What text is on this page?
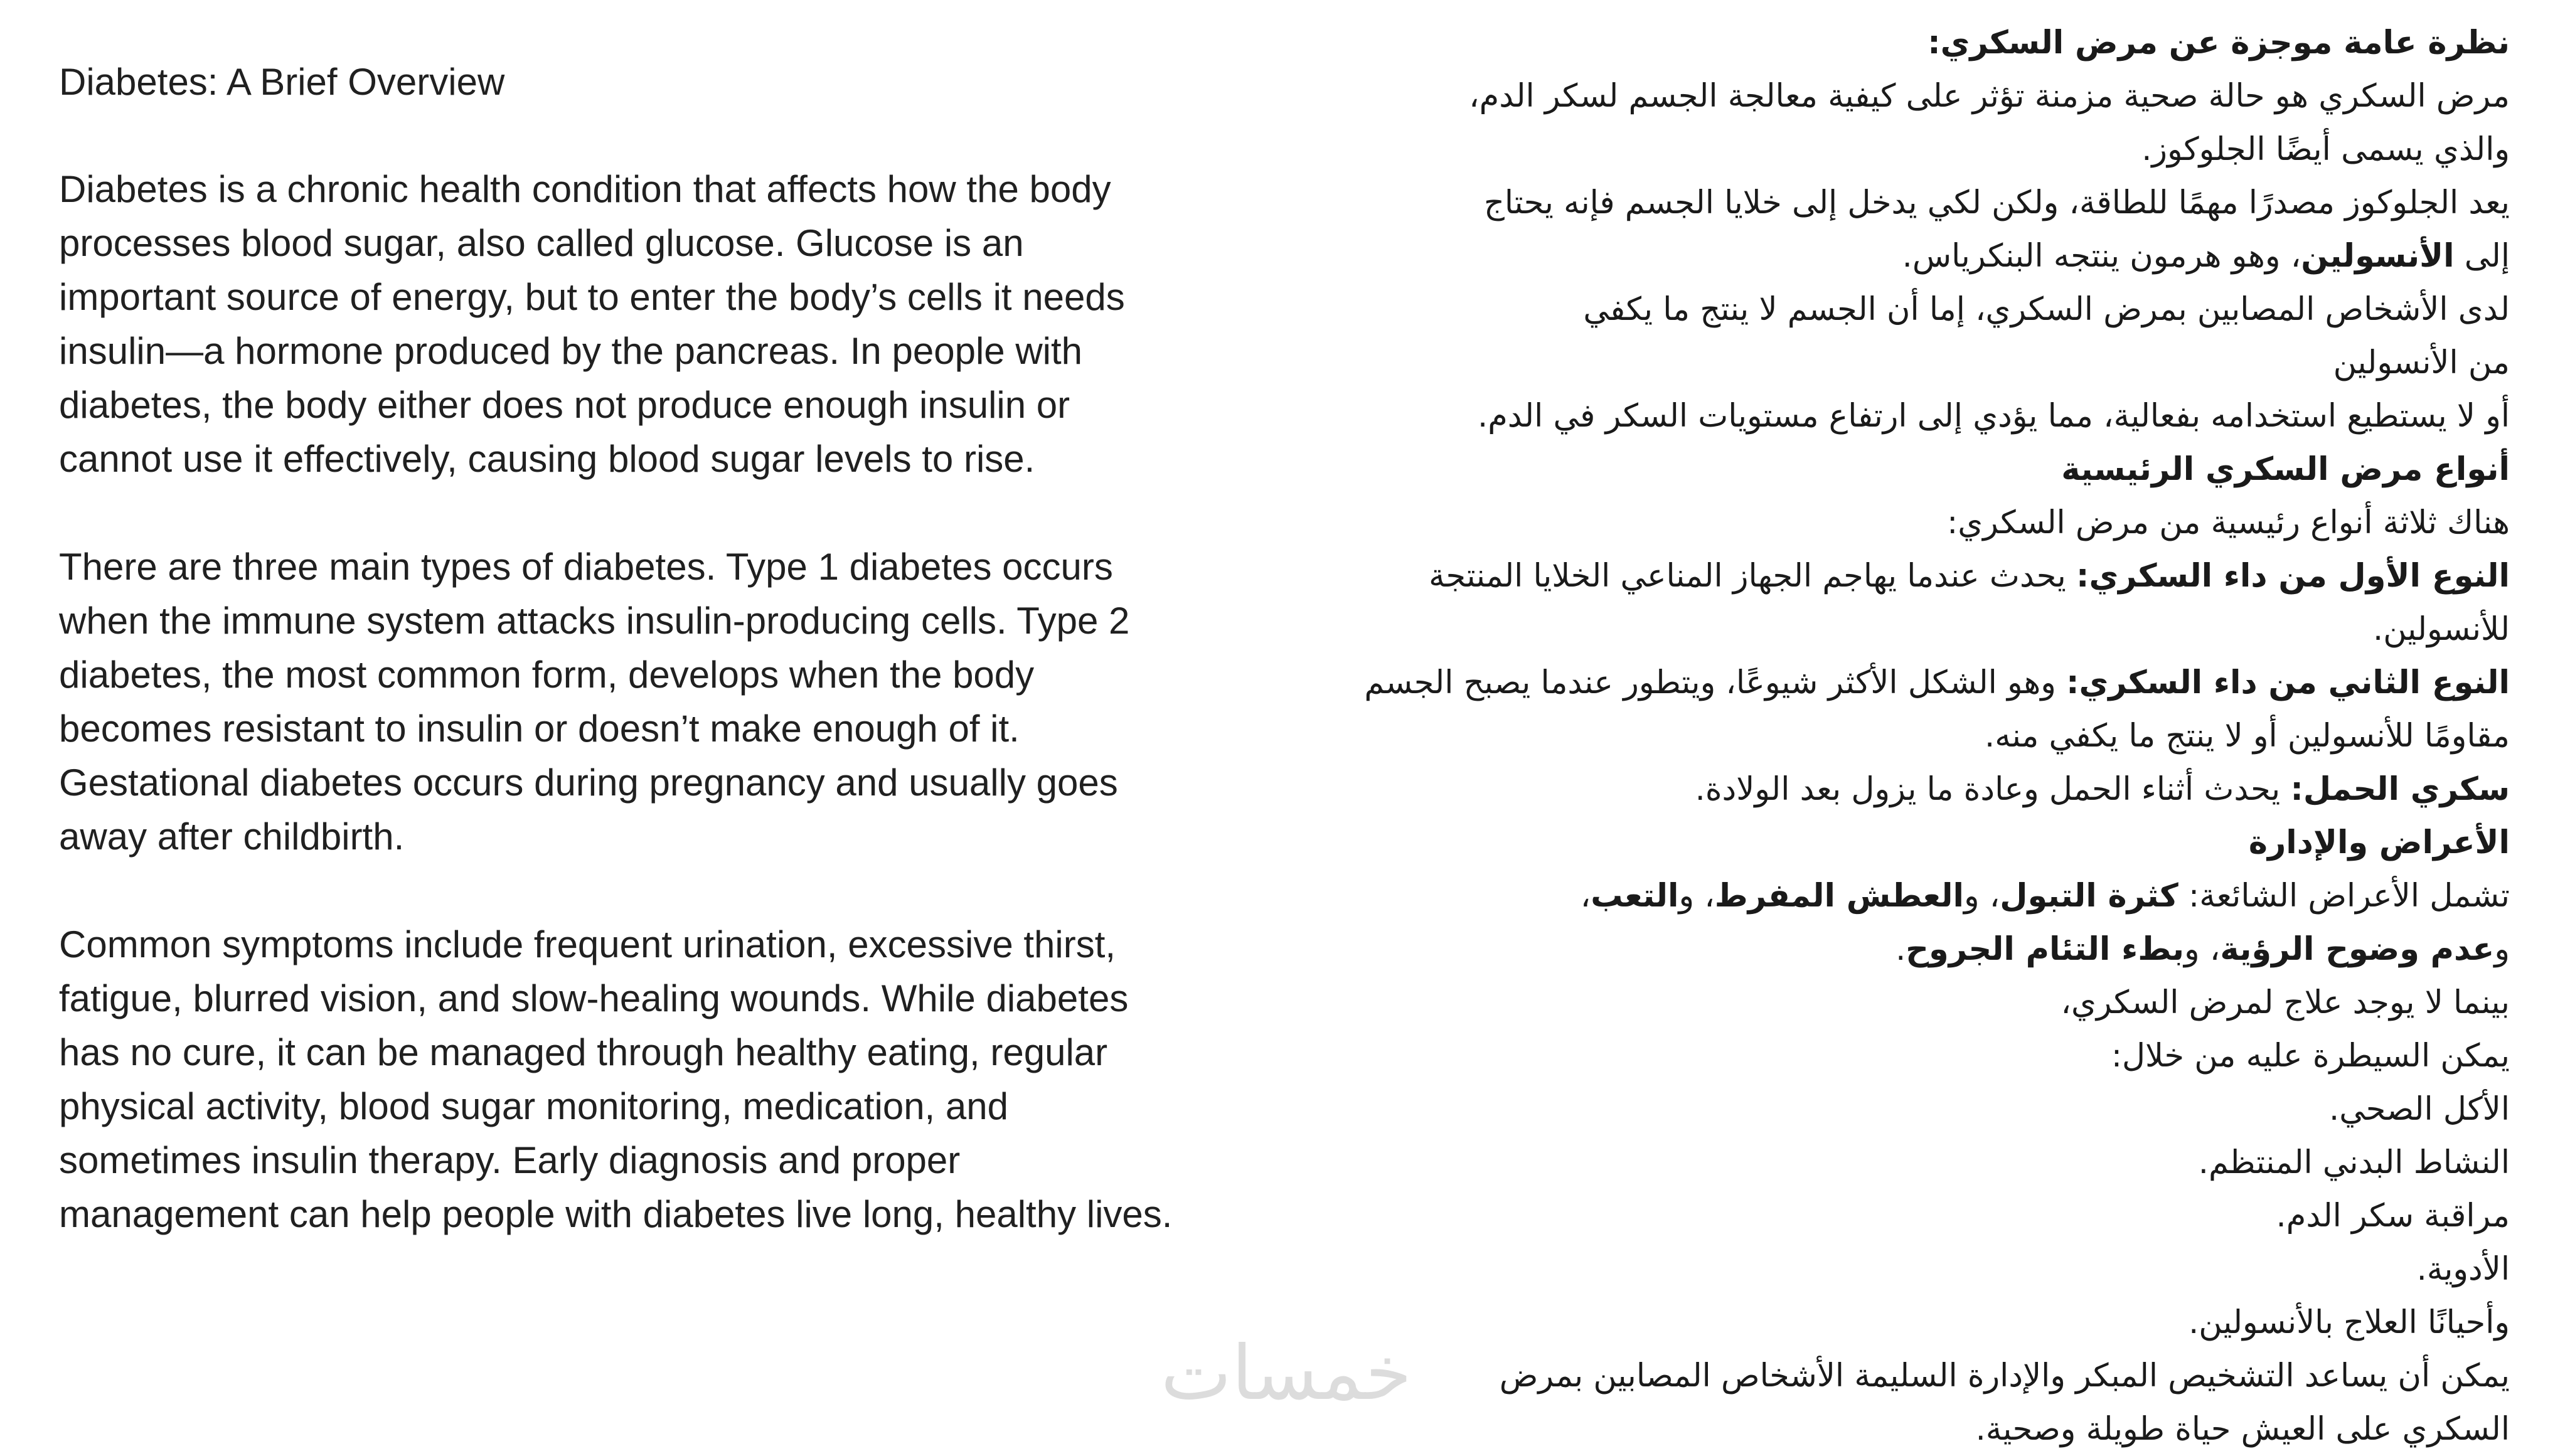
Diabetes: A Brief Overview

Diabetes is a chronic health condition that affects how the body
processes blood sugar, also called glucose. Glucose is an
important source of energy, but to enter the body’s cells it needs
insulin—a hormone produced by the pancreas. In people with
diabetes, the body either does not produce enough insulin or
cannot use it effectively, causing blood sugar levels to rise.

There are three main types of diabetes. Type 1 diabetes occurs
when the immune system attacks insulin-producing cells. Type 2
diabetes, the most common form, develops when the body
becomes resistant to insulin or doesn’t make enough of it.
Gestational diabetes occurs during pregnancy and usually goes
away after childbirth.

Common symptoms include frequent urination, excessive thirst,
fatigue, blurred vision, and slow-healing wounds. While diabetes
has no cure, it can be managed through healthy eating, regular
physical activity, blood sugar monitoring, medication, and
sometimes insulin therapy. Early diagnosis and proper
management can help people with diabetes live long, healthy lives.

نظرة عامة موجزة عن مرض السكري:
مرض السكري هو حالة صحية مزمنة تؤثر على كيفية معالجة الجسم لسكر الدم،
والذي يسمى أيضًا الجلوكوز.
يعد الجلوكوز مصدرًا مهمًا للطاقة، ولكن لكي يدخل إلى خلايا الجسم فإنه يحتاج
إلى الأنسولين، وهو هرمون ينتجه البنكرياس.
لدى الأشخاص المصابين بمرض السكري، إما أن الجسم لا ينتج ما يكفي
من الأنسولين
أو لا يستطيع استخدامه بفعالية، مما يؤدي إلى ارتفاع مستويات السكر في الدم.
أنواع مرض السكري الرئيسية
هناك ثلاثة أنواع رئيسية من مرض السكري:
النوع الأول من داء السكري: يحدث عندما يهاجم الجهاز المناعي الخلايا المنتجة
للأنسولين.
النوع الثاني من داء السكري: وهو الشكل الأكثر شيوعًا، ويتطور عندما يصبح الجسم
مقاومًا للأنسولين أو لا ينتج ما يكفي منه.
سكري الحمل: يحدث أثناء الحمل وعادة ما يزول بعد الولادة.
الأعراض والإدارة
تشمل الأعراض الشائعة: كثرة التبول، والعطش المفرط، والتعب،
وعدم وضوح الرؤية، وبطء التئام الجروح.
بينما لا يوجد علاج لمرض السكري،
يمكن السيطرة عليه من خلال:
الأكل الصحي.
النشاط البدني المنتظم.
مراقبة سكر الدم.
الأدوية.
وأحيانًا العلاج بالأنسولين.
يمكن أن يساعد التشخيص المبكر والإدارة السليمة الأشخاص المصابين بمرض
السكري على العيش حياة طويلة وصحية.
خمسات
